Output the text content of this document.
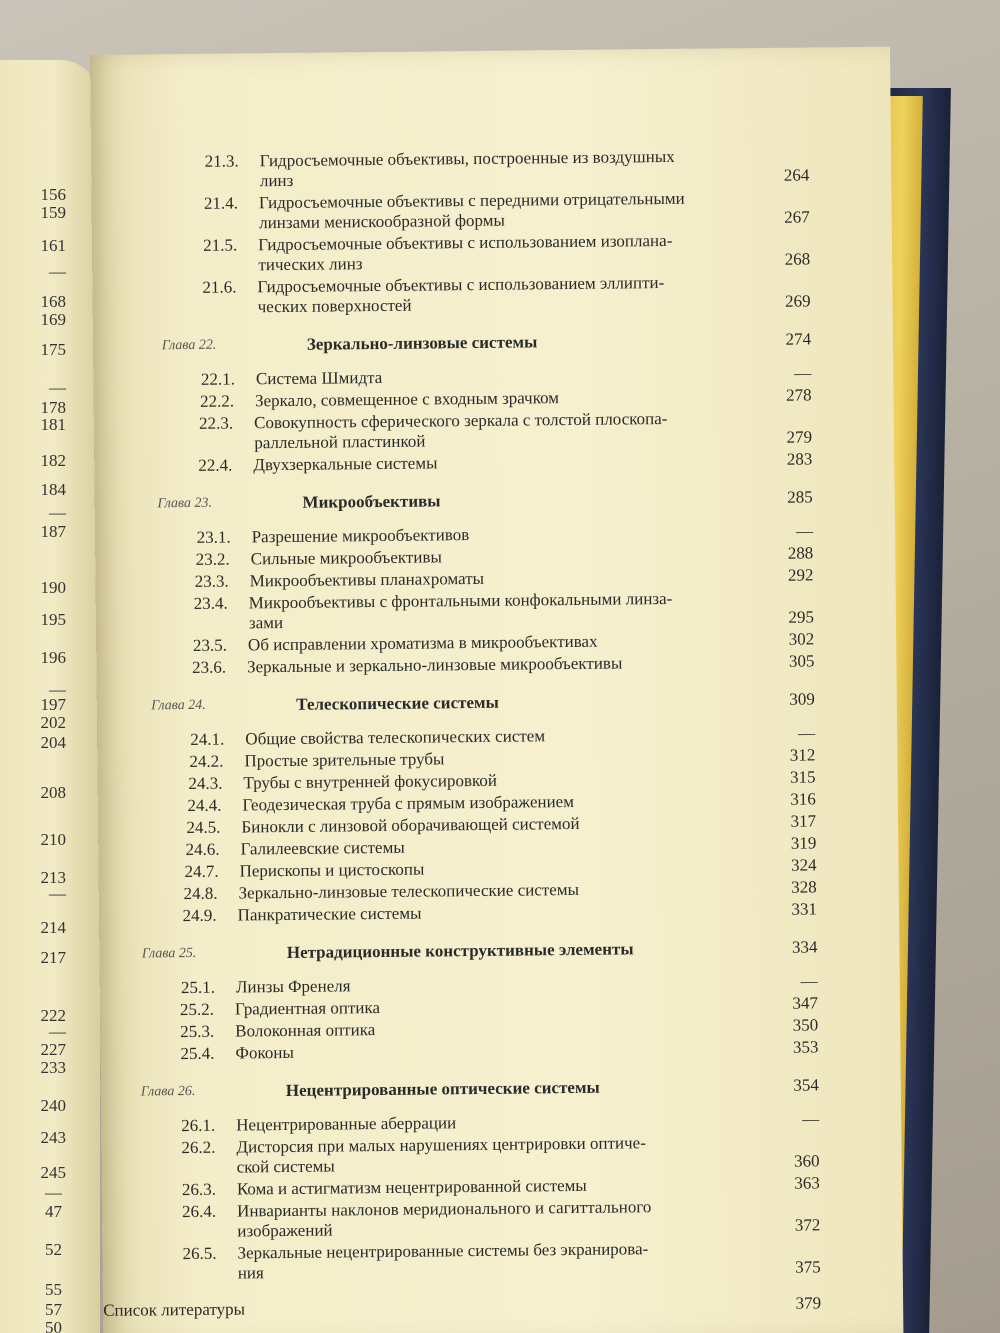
156
159
161
—
168
169
175
—
178
181
182
184
—
187
190
195
196
—
197
202
204
208
210
213
—
214
217
222
—
227
233
240
243
245
—
47
52
55
57
50
21.3. Гидросъемочные объективы, построенные из воздушных
линз	264
21.4. Гидросъемочные объективы с передними отрицательными
линзами менискообразной формы	267
21.5. Гидросъемочные объективы с использованием изопланa-
тических линз	268
21.6. Гидросъемочные объективы с использованием эллипти-
ческих поверхностей	269
Глава 22.	Зеркально-линзовые системы	274
22.1. Система Шмидта	—
22.2. Зеркало, совмещенное с входным зрачком	278
22.3. Совокупность сферического зеркала с толстой плоскопа-
раллельной пластинкой	279
22.4. Двухзеркальные системы	283
Глава 23.	Микрообъективы	285
23.1. Разрешение микрообъективов	—
23.2. Сильные микрообъективы	288
23.3. Микрообъективы планахроматы	292
23.4. Микрообъективы с фронтальными конфокальными линза-
зами	295
23.5. Об исправлении хроматизма в микрообъективах	302
23.6. Зеркальные и зеркально-линзовые микрообъективы	305
Глава 24.	Телескопические системы	309
24.1. Общие свойства телескопических систем	—
24.2. Простые зрительные трубы	312
24.3. Трубы с внутренней фокусировкой	315
24.4. Геодезическая труба с прямым изображением	316
24.5. Бинокли с линзовой оборачивающей системой	317
24.6. Галилеевские системы	319
24.7. Перископы и цистоскопы	324
24.8. Зеркально-линзовые телескопические системы	328
24.9. Панкратические системы	331
Глава 25.	Нетрадиционные конструктивные элементы	334
25.1. Линзы Френеля	—
25.2. Градиентная оптика	347
25.3. Волоконная оптика	350
25.4. Фоконы	353
Глава 26.	Нецентрированные оптические системы	354
26.1. Нецентрированные аберрации	—
26.2. Дисторсия при малых нарушениях центрировки оптиче-
ской системы	360
26.3. Кома и астигматизм нецентрированной системы	363
26.4. Инварианты наклонов меридионального и сагиттального
изображений	372
26.5. Зеркальные нецентрированные системы без экранирова-
ния	375
Список литературы	379
